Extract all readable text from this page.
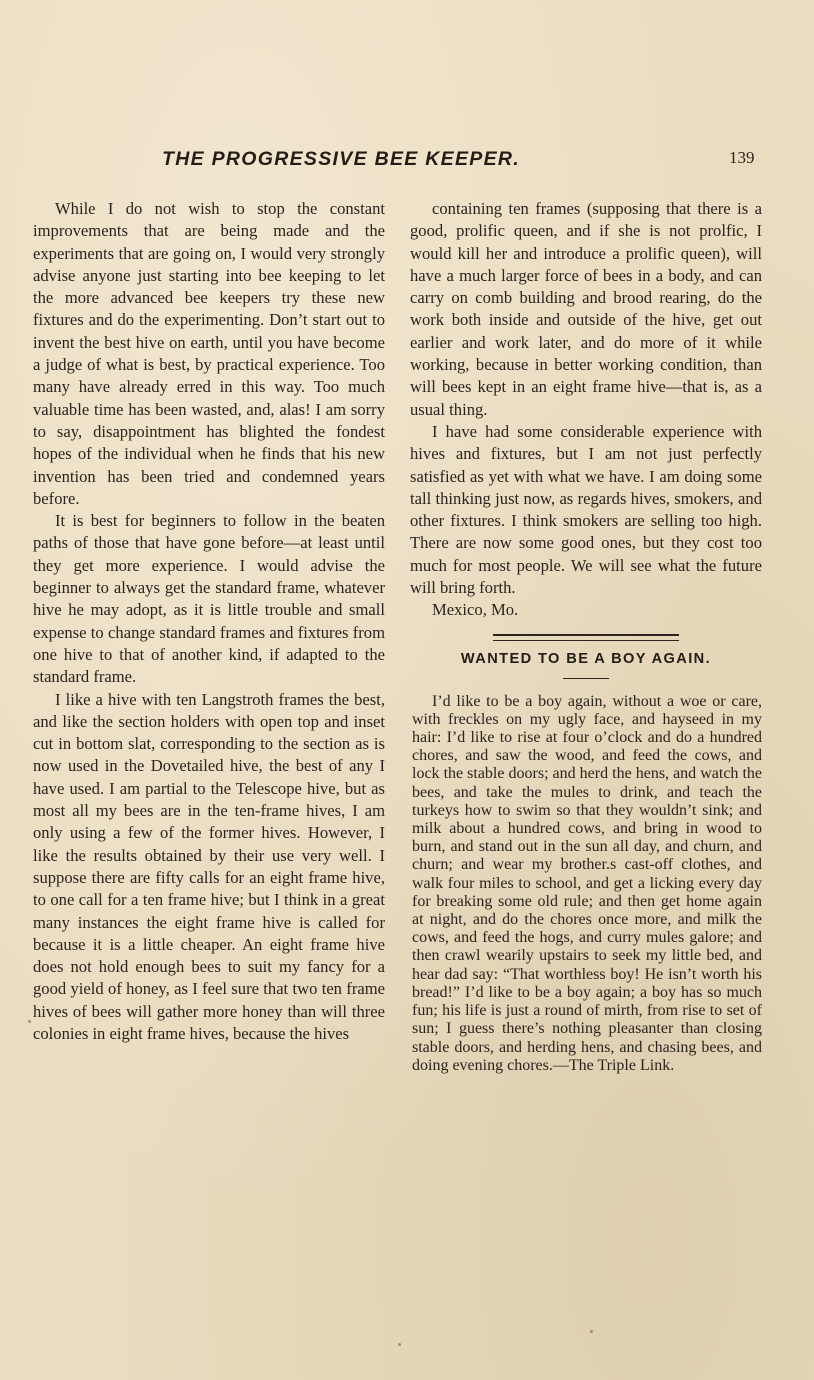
THE PROGRESSIVE BEE KEEPER.	139

While I do not wish to stop the constant improvements that are being made and the experiments that are going on, I would very strongly advise anyone just starting into bee keeping to let the more advanced bee keepers try these new fixtures and do the experimenting. Don’t start out to invent the best hive on earth, until you have become a judge of what is best, by practical experience. Too many have already erred in this way. Too much valuable time has been wasted, and, alas! I am sorry to say, disappointment has blighted the fondest hopes of the individual when he finds that his new invention has been tried and condemned years before.

It is best for beginners to follow in the beaten paths of those that have gone before—at least until they get more experience. I would advise the beginner to always get the standard frame, whatever hive he may adopt, as it is little trouble and small expense to change standard frames and fixtures from one hive to that of another kind, if adapted to the standard frame.

I like a hive with ten Langstroth frames the best, and like the section holders with open top and inset cut in bottom slat, corresponding to the section as is now used in the Dovetailed hive, the best of any I have used. I am partial to the Telescope hive, but as most all my bees are in the ten-frame hives, I am only using a few of the former hives. However, I like the results obtained by their use very well. I suppose there are fifty calls for an eight frame hive, to one call for a ten frame hive; but I think in a great many instances the eight frame hive is called for because it is a little cheaper. An eight frame hive does not hold enough bees to suit my fancy for a good yield of honey, as I feel sure that two ten frame hives of bees will gather more honey than will three colonies in eight frame hives, because the hives

containing ten frames (supposing that there is a good, prolific queen, and if she is not prolfic, I would kill her and introduce a prolific queen), will have a much larger force of bees in a body, and can carry on comb building and brood rearing, do the work both inside and outside of the hive, get out earlier and work later, and do more of it while working, because in better working condition, than will bees kept in an eight frame hive—that is, as a usual thing.

I have had some considerable experience with hives and fixtures, but I am not just perfectly satisfied as yet with what we have. I am doing some tall thinking just now, as regards hives, smokers, and other fixtures. I think smokers are selling too high. There are now some good ones, but they cost too much for most people. We will see what the future will bring forth.

Mexico, Mo.

WANTED TO BE A BOY AGAIN.

I’d like to be a boy again, without a woe or care, with freckles on my ugly face, and hayseed in my hair: I’d like to rise at four o’clock and do a hundred chores, and saw the wood, and feed the cows, and lock the stable doors; and herd the hens, and watch the bees, and take the mules to drink, and teach the turkeys how to swim so that they wouldn’t sink; and milk about a hundred cows, and bring in wood to burn, and stand out in the sun all day, and churn, and churn; and wear my brother.s cast-off clothes, and walk four miles to school, and get a licking every day for breaking some old rule; and then get home again at night, and do the chores once more, and milk the cows, and feed the hogs, and curry mules galore; and then crawl wearily upstairs to seek my little bed, and hear dad say: “That worthless boy! He isn’t worth his bread!” I’d like to be a boy again; a boy has so much fun; his life is just a round of mirth, from rise to set of sun; I guess there’s nothing pleasanter than closing stable doors, and herding hens, and chasing bees, and doing evening chores.—The Triple Link.
